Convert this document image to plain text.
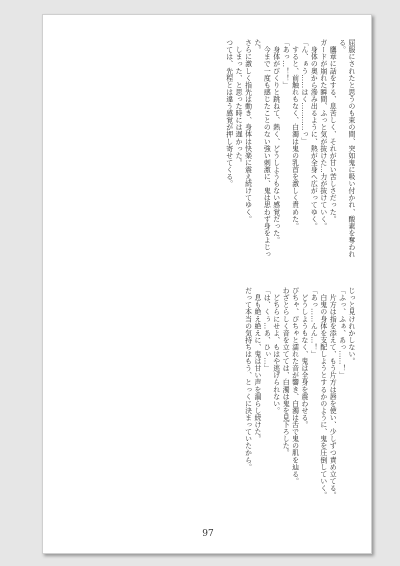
屈服にされたと思うのも束の間、突如鬼に吸い付かれ、酸素を奪われる。
　鷹章に話をする、息苦しく、それが甘い苦しさだった。
ガードが崩れた瞬間、ふっと気が抜けた…力が抜けていく。
　身体の奥から滲み出るように、熱が全身へ広がってゆく。
「ん、ぁう……はく…………っ」
　すると、前触れもなく、白濁は鬼の乳首を激しく責めた。
「あっ…！！」
　身体がびくりと跳ねて、熱く、どうしようもない感覚だった。
　今まで一度も感じたことのない強い刺激に、鬼は思わず身をよじった。
さらに激しく指先は動き、身体は快楽に震え続けてゆく。
　しまった、と思った時には遅かった。
つては、先程とは違う感覚が押し寄せてくる。
じっと見けれかしない。
「ふっ、ふぁ、あっ……！」
　片方は指を添えて、もう片方は唇を使い、少しずつ責め立てる。
　白鬼の身体を支配しようとするかのように、鬼を圧倒していく。
「あっ……んん…！」
　どうしようもなく、鬼は全身を震わせる。
ぴちゃ、ぴちゃと濡れた音が響き、白濁は舌で鬼の肌を辿る。
わざとらしく音を立てては、白濁は鬼を見下ろした。
　どちらにせよ、もはや逃げられない。
「は、くぅ…あ、ひぃ…」
　息も絶え絶えに、鬼は甘い声を漏らし続けた。
だって本当の気持ちはもう、とっくに決まっていたから。
97
